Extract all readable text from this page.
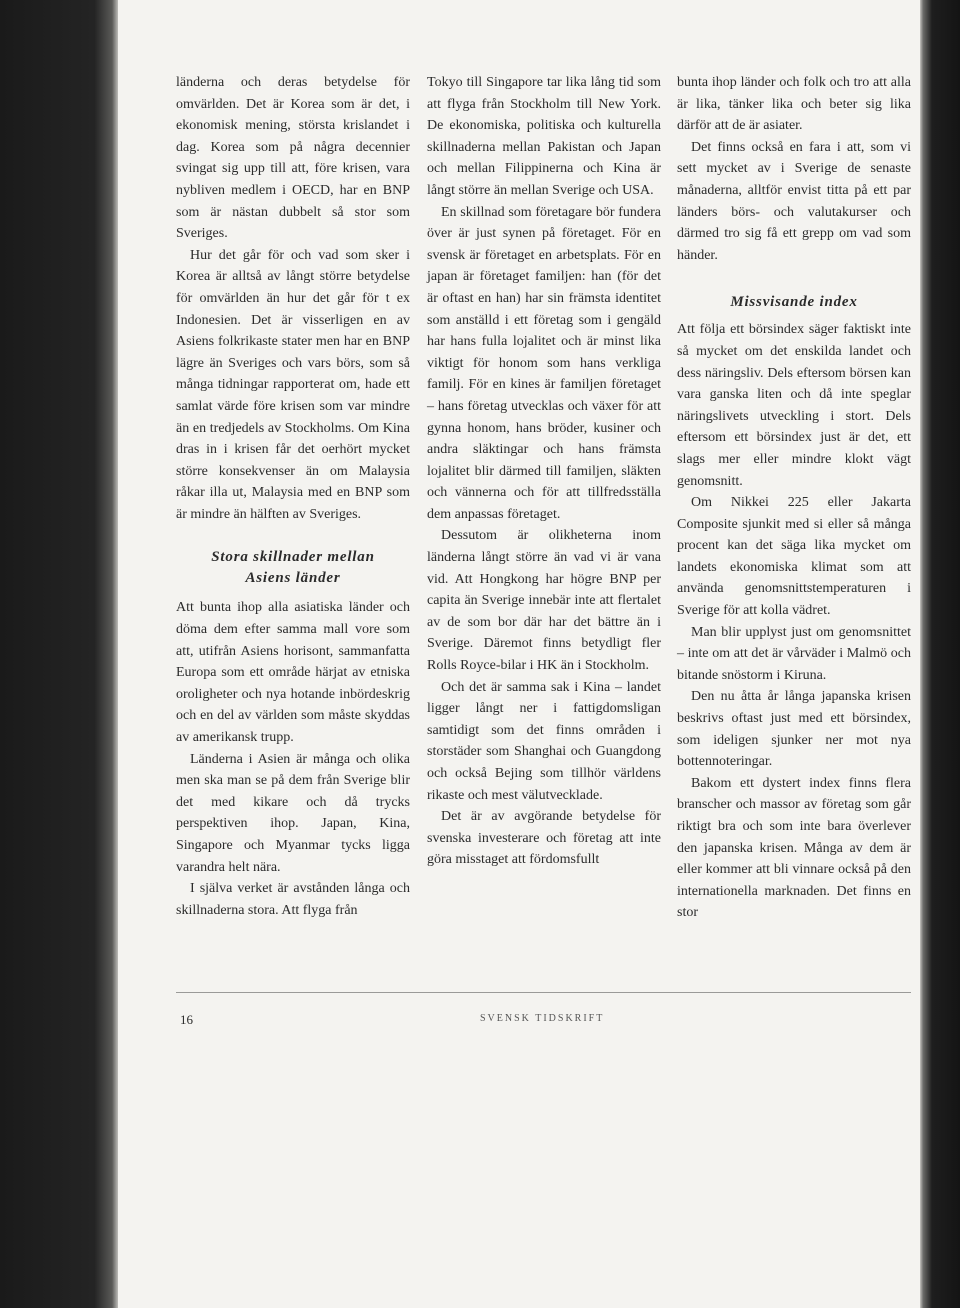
länderna och deras betydelse för omvärlden. Det är Korea som är det, i ekonomisk mening, största krislandet i dag. Korea som på några decennier svingat sig upp till att, före krisen, vara nybliven medlem i OECD, har en BNP som är nästan dubbelt så stor som Sveriges.

Hur det går för och vad som sker i Korea är alltså av långt större betydelse för omvärlden än hur det går för t ex Indonesien. Det är visserligen en av Asiens folkrikaste stater men har en BNP lägre än Sveriges och vars börs, som så många tidningar rapporterat om, hade ett samlat värde före krisen som var mindre än en tredjedels av Stockholms. Om Kina dras in i krisen får det oerhört mycket större konsekvenser än om Malaysia råkar illa ut, Malaysia med en BNP som är mindre än hälften av Sveriges.

Stora skillnader mellan
Asiens länder

Att bunta ihop alla asiatiska länder och döma dem efter samma mall vore som att, utifrån Asiens horisont, sammanfatta Europa som ett område härjat av etniska oroligheter och nya hotande inbördeskrig och en del av världen som måste skyddas av amerikansk trupp.

Länderna i Asien är många och olika men ska man se på dem från Sverige blir det med kikare och då trycks perspektiven ihop. Japan, Kina, Singapore och Myanmar tycks ligga varandra helt nära.

I själva verket är avstånden långa och skillnaderna stora. Att flyga från

Tokyo till Singapore tar lika lång tid som att flyga från Stockholm till New York. De ekonomiska, politiska och kulturella skillnaderna mellan Pakistan och Japan och mellan Filippinerna och Kina är långt större än mellan Sverige och USA.

En skillnad som företagare bör fundera över är just synen på företaget. För en svensk är företaget en arbetsplats. För en japan är företaget familjen: han (för det är oftast en han) har sin främsta identitet som anställd i ett företag som i gengäld har hans fulla lojalitet och är minst lika viktigt för honom som hans verkliga familj. För en kines är familjen företaget – hans företag utvecklas och växer för att gynna honom, hans bröder, kusiner och andra släktingar och hans främsta lojalitet blir därmed till familjen, släkten och vännerna och för att tillfredsställa dem anpassas företaget.

Dessutom är olikheterna inom länderna långt större än vad vi är vana vid. Att Hongkong har högre BNP per capita än Sverige innebär inte att flertalet av de som bor där har det bättre än i Sverige. Däremot finns betydligt fler Rolls Royce-bilar i HK än i Stockholm.

Och det är samma sak i Kina – landet ligger långt ner i fattigdomsligan samtidigt som det finns områden i storstäder som Shanghai och Guangdong och också Bejing som tillhör världens rikaste och mest välutvecklade.

Det är av avgörande betydelse för svenska investerare och företag att inte göra misstaget att fördomsfullt

bunta ihop länder och folk och tro att alla är lika, tänker lika och beter sig lika därför att de är asiater.

Det finns också en fara i att, som vi sett mycket av i Sverige de senaste månaderna, alltför envist titta på ett par länders börs- och valutakurser och därmed tro sig få ett grepp om vad som händer.

Missvisande index

Att följa ett börsindex säger faktiskt inte så mycket om det enskilda landet och dess näringsliv. Dels eftersom börsen kan vara ganska liten och då inte speglar näringslivets utveckling i stort. Dels eftersom ett börsindex just är det, ett slags mer eller mindre klokt vägt genomsnitt.

Om Nikkei 225 eller Jakarta Composite sjunkit med si eller så många procent kan det säga lika mycket om landets ekonomiska klimat som att använda genomsnittstemperaturen i Sverige för att kolla vädret.

Man blir upplyst just om genomsnittet – inte om att det är vårväder i Malmö och bitande snöstorm i Kiruna.

Den nu åtta år långa japanska krisen beskrivs oftast just med ett börsindex, som ideligen sjunker ner mot nya bottennoteringar.

Bakom ett dystert index finns flera branscher och massor av företag som går riktigt bra och som inte bara överlever den japanska krisen. Många av dem är eller kommer att bli vinnare också på den internationella marknaden. Det finns en stor

16	SVENSK TIDSKRIFT
